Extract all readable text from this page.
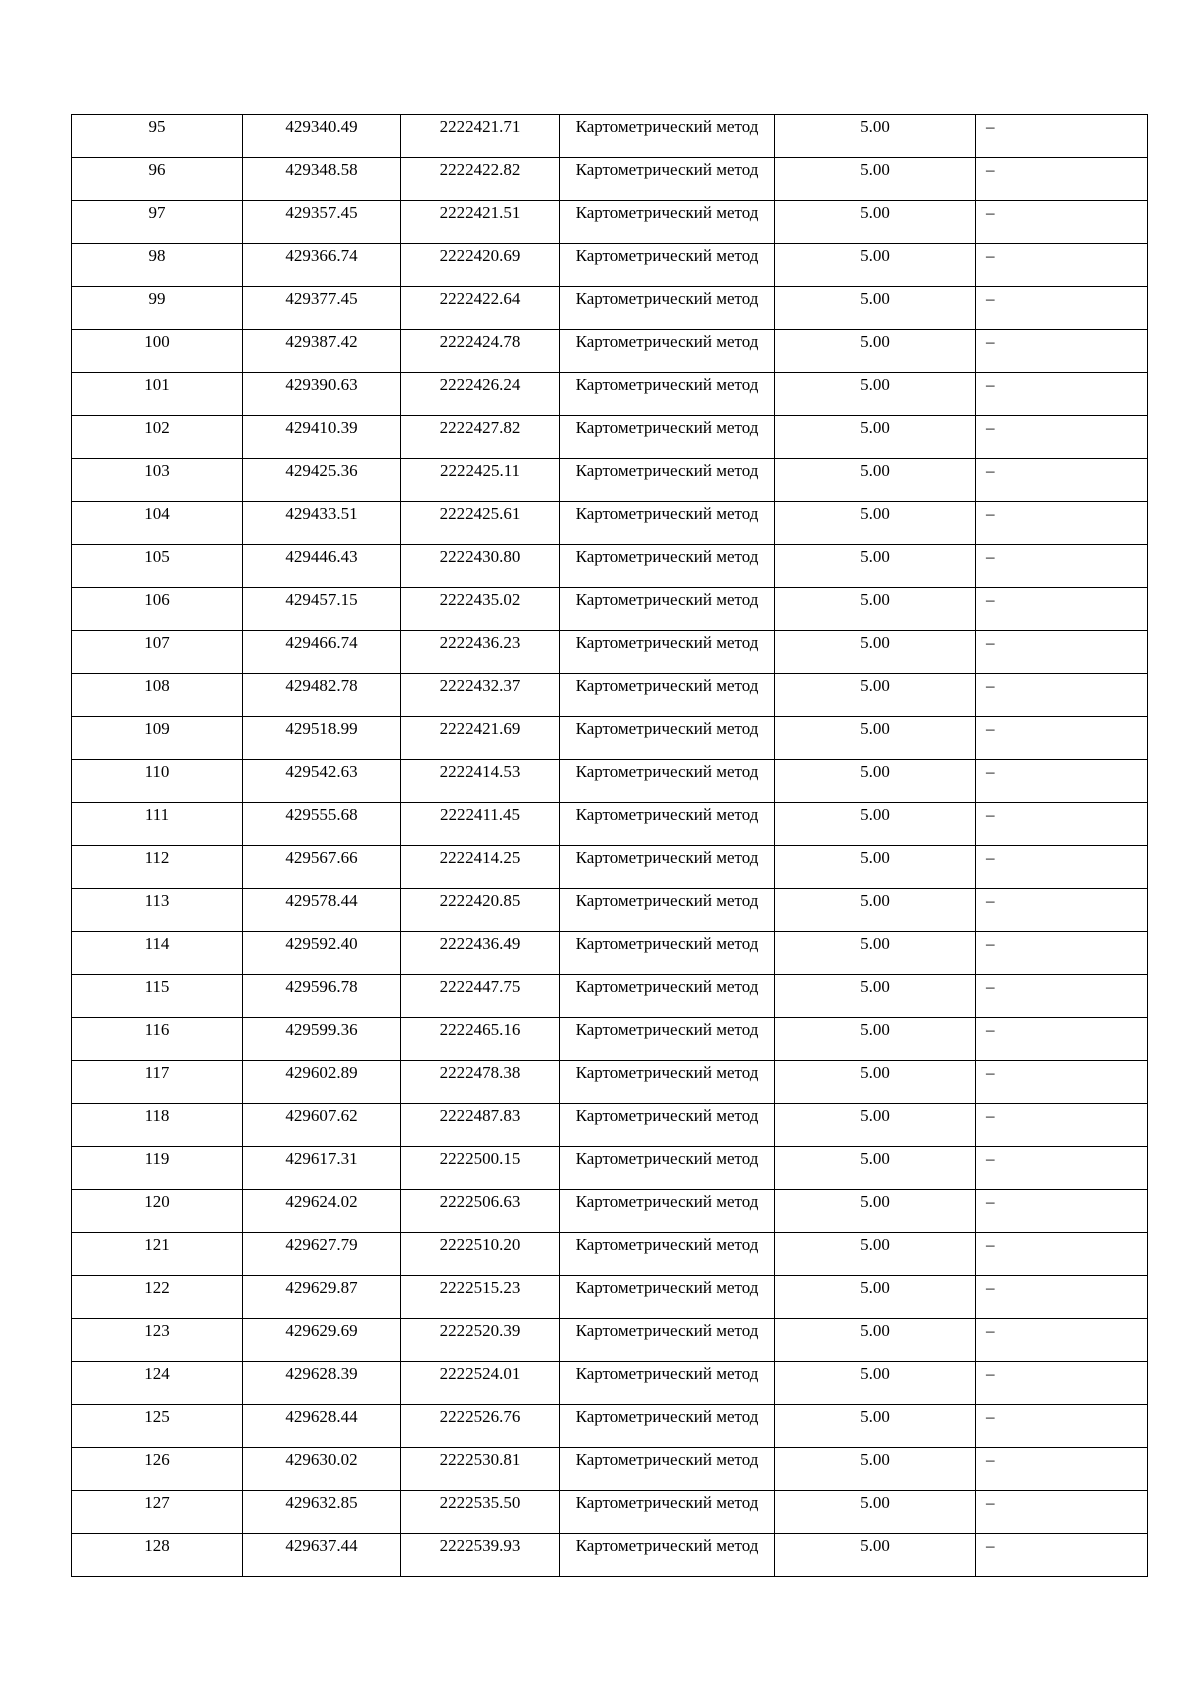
95	429340.49	2222421.71	Картометрический метод	5.00	–

96	429348.58	2222422.82	Картометрический метод	5.00	–

97	429357.45	2222421.51	Картометрический метод	5.00	–

98	429366.74	2222420.69	Картометрический метод	5.00	–

99	429377.45	2222422.64	Картометрический метод	5.00	–

100	429387.42	2222424.78	Картометрический метод	5.00	–

101	429390.63	2222426.24	Картометрический метод	5.00	–

102	429410.39	2222427.82	Картометрический метод	5.00	–

103	429425.36	2222425.11	Картометрический метод	5.00	–

104	429433.51	2222425.61	Картометрический метод	5.00	–

105	429446.43	2222430.80	Картометрический метод	5.00	–

106	429457.15	2222435.02	Картометрический метод	5.00	–

107	429466.74	2222436.23	Картометрический метод	5.00	–

108	429482.78	2222432.37	Картометрический метод	5.00	–

109	429518.99	2222421.69	Картометрический метод	5.00	–

110	429542.63	2222414.53	Картометрический метод	5.00	–

111	429555.68	2222411.45	Картометрический метод	5.00	–

112	429567.66	2222414.25	Картометрический метод	5.00	–

113	429578.44	2222420.85	Картометрический метод	5.00	–

114	429592.40	2222436.49	Картометрический метод	5.00	–

115	429596.78	2222447.75	Картометрический метод	5.00	–

116	429599.36	2222465.16	Картометрический метод	5.00	–

117	429602.89	2222478.38	Картометрический метод	5.00	–

118	429607.62	2222487.83	Картометрический метод	5.00	–

119	429617.31	2222500.15	Картометрический метод	5.00	–

120	429624.02	2222506.63	Картометрический метод	5.00	–

121	429627.79	2222510.20	Картометрический метод	5.00	–

122	429629.87	2222515.23	Картометрический метод	5.00	–

123	429629.69	2222520.39	Картометрический метод	5.00	–

124	429628.39	2222524.01	Картометрический метод	5.00	–

125	429628.44	2222526.76	Картометрический метод	5.00	–

126	429630.02	2222530.81	Картометрический метод	5.00	–

127	429632.85	2222535.50	Картометрический метод	5.00	–

128	429637.44	2222539.93	Картометрический метод	5.00	–
